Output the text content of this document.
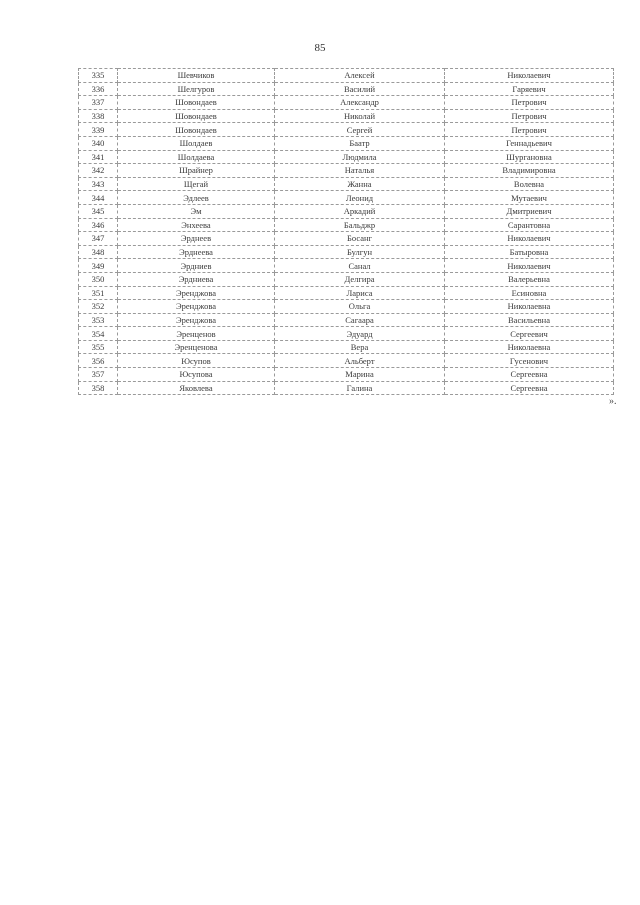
85
335	Шевчиков	Алексей	Николаевич
336	Шелгуров	Василий	Гаряевич
337	Шовондаев	Александр	Петрович
338	Шовондаев	Николай	Петрович
339	Шовондаев	Сергей	Петрович
340	Шолдаев	Баатр	Геннадьевич
341	Шолдаева	Людмила	Шургановна
342	Шрайнер	Наталья	Владимировна
343	Щегай	Жанна	Волевна
344	Эдлеев	Леонид	Мутаевич
345	Эм	Аркадий	Дмитриевич
346	Энхеева	Бальджр	Сарантовна
347	Эрднеев	Босанг	Николаевич
348	Эрднеева	Булгун	Батыровна
349	Эрдниев	Санал	Николаевич
350	Эрдниева	Делгира	Валерьевна
351	Эренджова	Лариса	Есиновна
352	Эренджова	Ольга	Николаевна
353	Эренджова	Сагаара	Васильевна
354	Эренценов	Эдуард	Сергеевич
355	Эренценова	Вера	Николаевна
356	Юсупов	Альберт	Гусенович
357	Юсупова	Марина	Сергеевна
358	Яковлева	Галина	Сергеевна
».
